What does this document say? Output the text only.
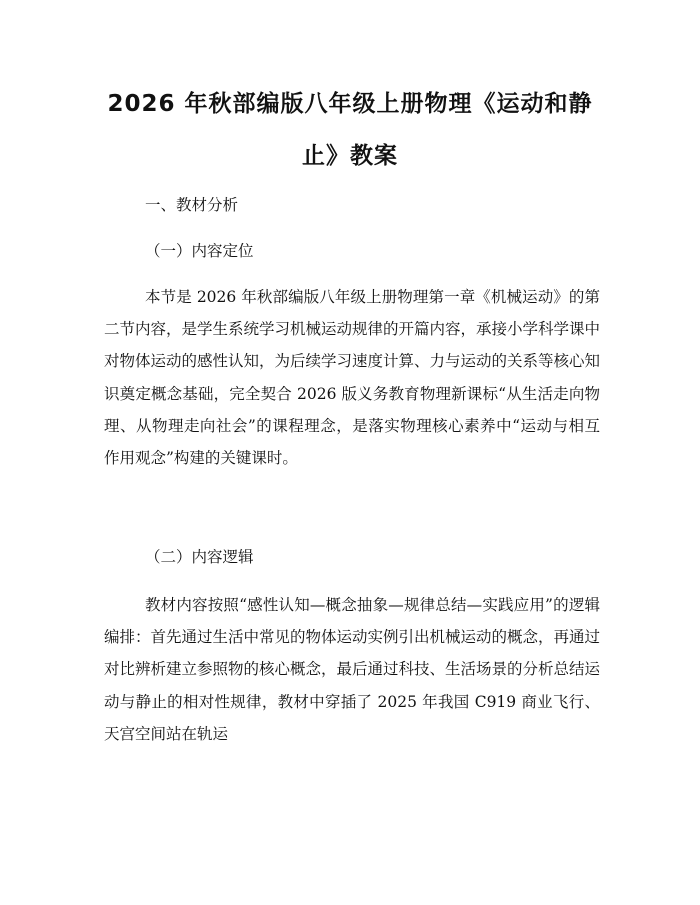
2026 年秋部编版八年级上册物理《运动和静止》教案

一、教材分析

（一）内容定位

本节是 2026 年秋部编版八年级上册物理第一章《机械运动》的第二节内容，是学生系统学习机械运动规律的开篇内容，承接小学科学课中对物体运动的感性认知，为后续学习速度计算、力与运动的关系等核心知识奠定概念基础，完全契合 2026 版义务教育物理新课标“从生活走向物理、从物理走向社会”的课程理念，是落实物理核心素养中“运动与相互作用观念”构建的关键课时。

（二）内容逻辑

教材内容按照“感性认知—概念抽象—规律总结—实践应用”的逻辑编排：首先通过生活中常见的物体运动实例引出机械运动的概念，再通过对比辨析建立参照物的核心概念，最后通过科技、生活场景的分析总结运动与静止的相对性规律，教材中穿插了 2025 年我国 C919 商业飞行、天宫空间站在轨运
